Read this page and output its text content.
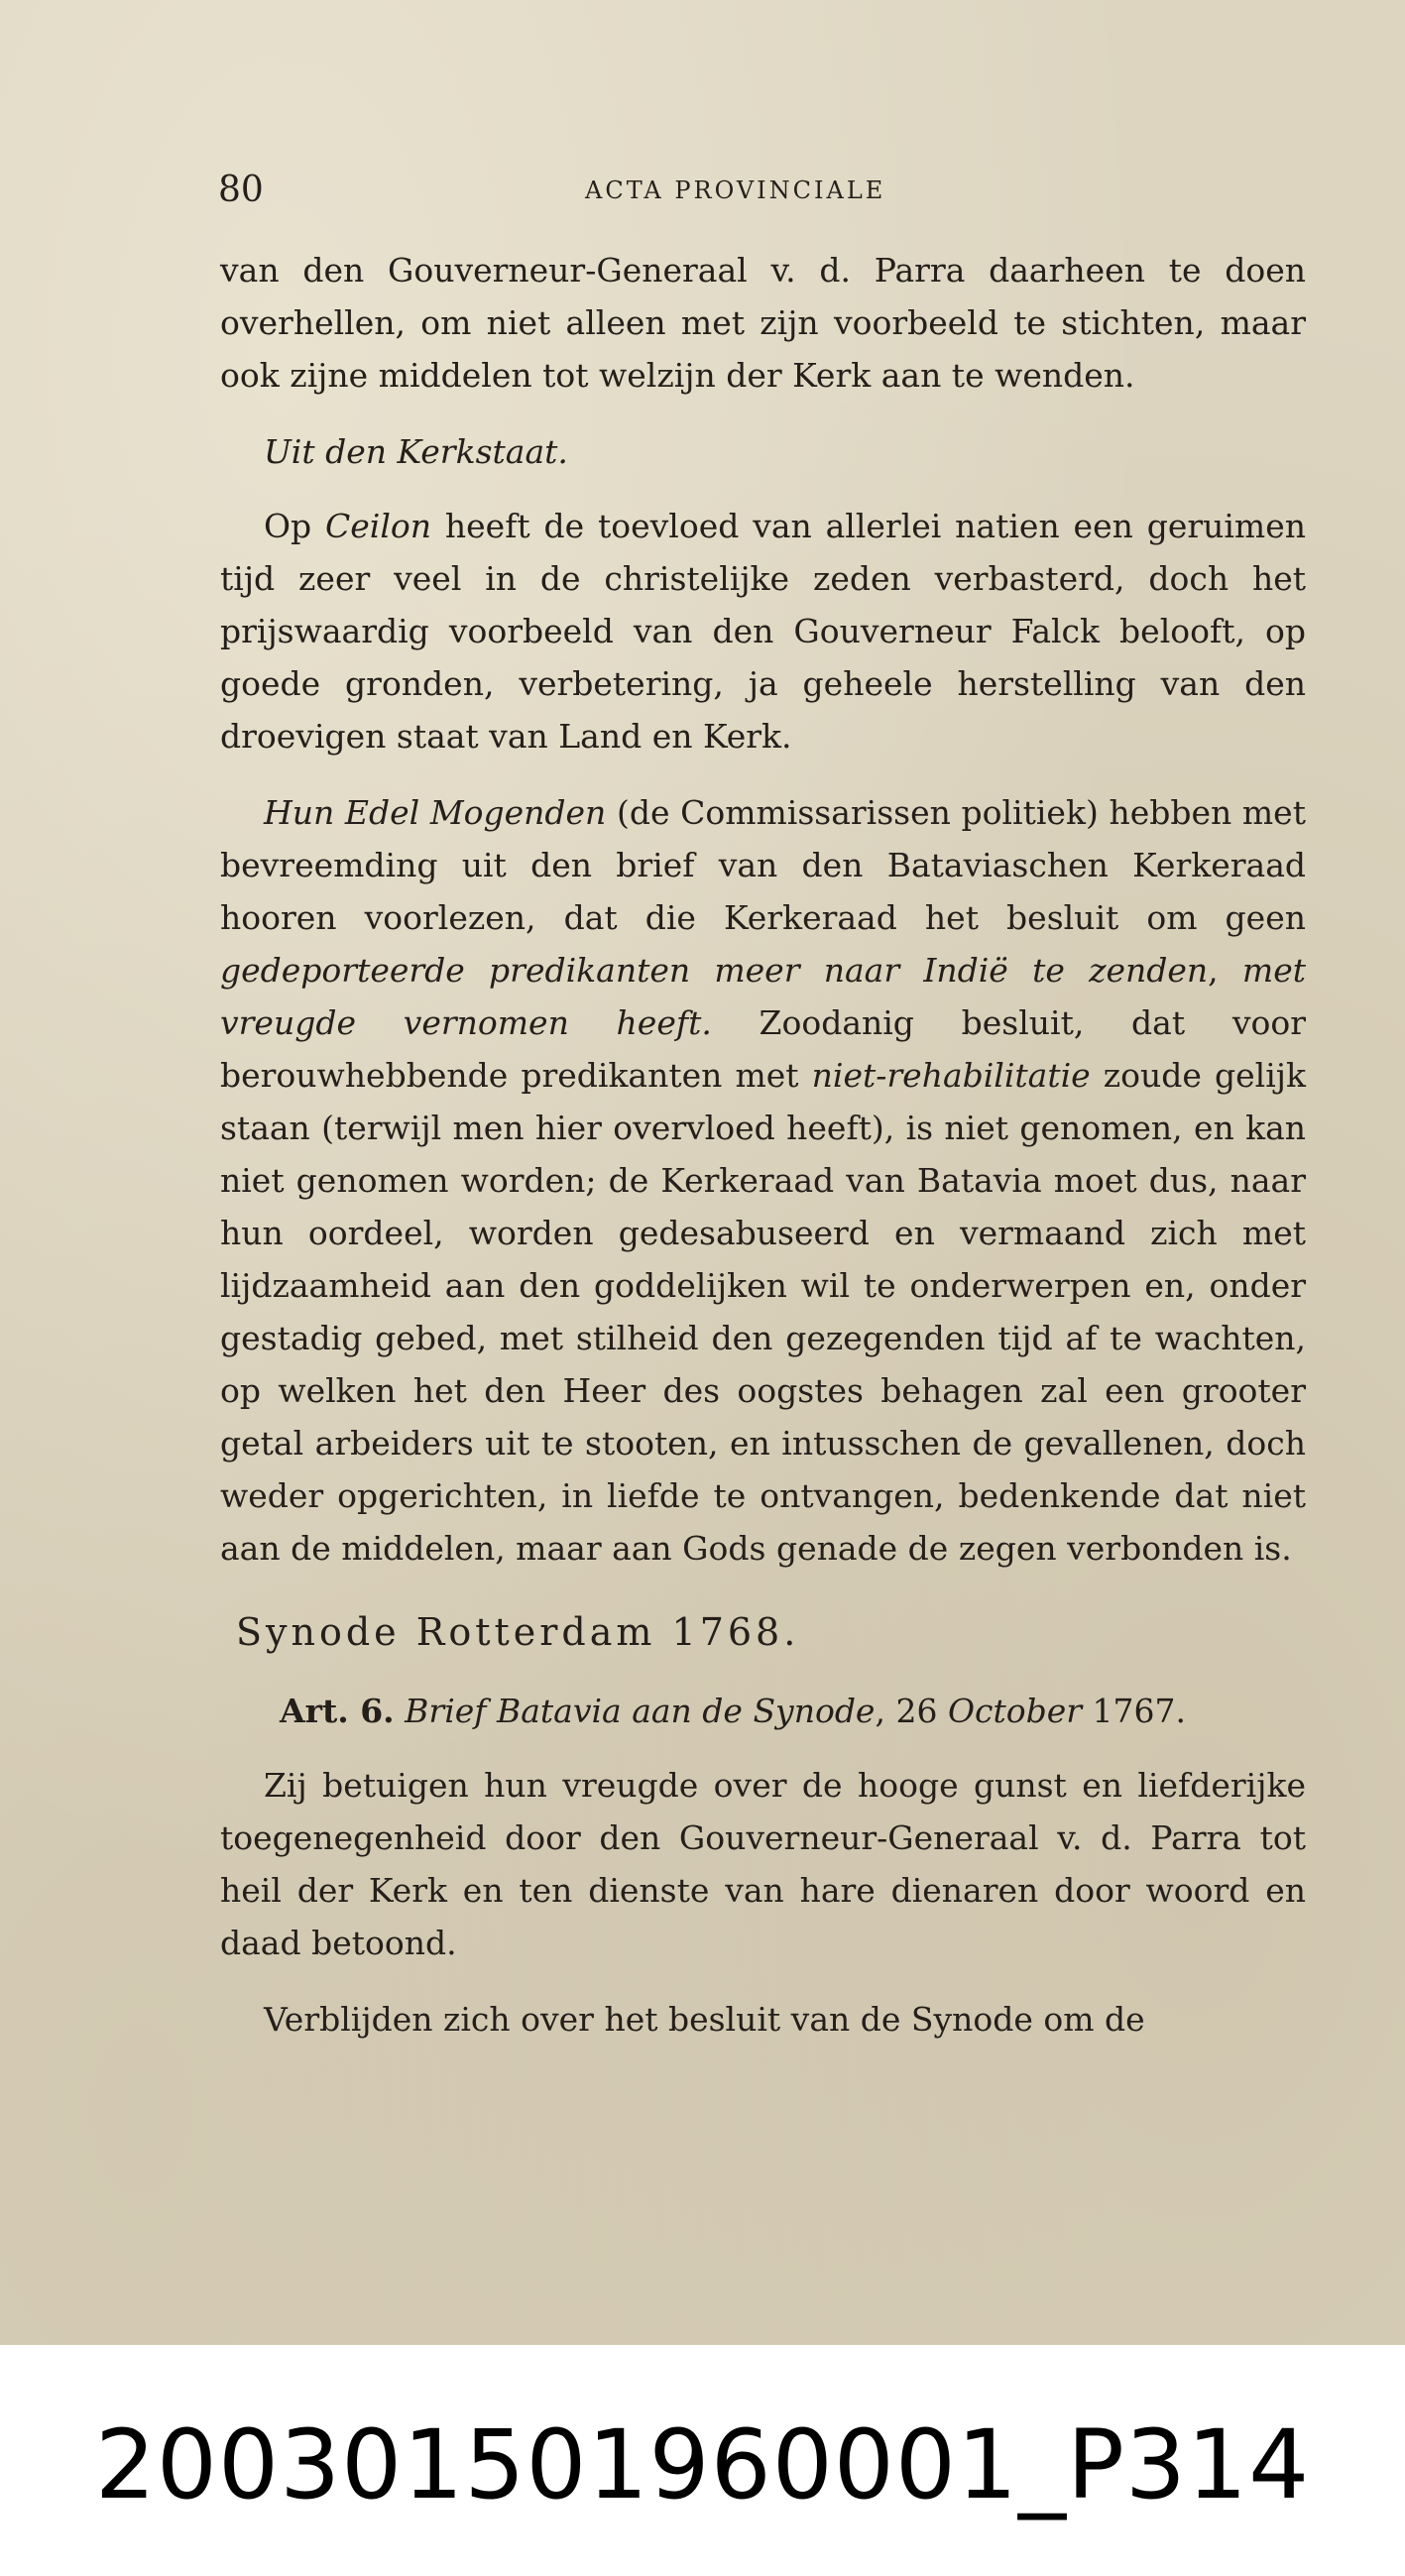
80	ACTA PROVINCIALE

van den Gouverneur-Generaal v. d. Parra daarheen te doen overhellen, om niet alleen met zijn voorbeeld te stichten, maar ook zijne middelen tot welzijn der Kerk aan te wenden.

Uit den Kerkstaat.

Op Ceilon heeft de toevloed van allerlei natien een geruimen tijd zeer veel in de christelijke zeden verbasterd, doch het prijswaardig voorbeeld van den Gouverneur Falck belooft, op goede gronden, verbetering, ja geheele herstelling van den droevigen staat van Land en Kerk.

Hun Edel Mogenden (de Commissarissen politiek) hebben met bevreemding uit den brief van den Bataviaschen Kerkeraad hooren voorlezen, dat die Kerkeraad het besluit om geen gedeporteerde predikanten meer naar Indië te zenden, met vreugde vernomen heeft. Zoodanig besluit, dat voor berouwhebbende predikanten met niet-rehabilitatie zoude gelijk staan (terwijl men hier overvloed heeft), is niet genomen, en kan niet genomen worden; de Kerkeraad van Batavia moet dus, naar hun oordeel, worden gedesabuseerd en vermaand zich met lijdzaamheid aan den goddelijken wil te onderwerpen en, onder gestadig gebed, met stilheid den gezegenden tijd af te wachten, op welken het den Heer des oogstes behagen zal een grooter getal arbeiders uit te stooten, en intusschen de gevallenen, doch weder opgerichten, in liefde te ontvangen, bedenkende dat niet aan de middelen, maar aan Gods genade de zegen verbonden is.

Synode Rotterdam 1768.
Art. 6. Brief Batavia aan de Synode, 26 October 1767.

Zij betuigen hun vreugde over de hooge gunst en liefderijke toegenegenheid door den Gouverneur-Generaal v. d. Parra tot heil der Kerk en ten dienste van hare dienaren door woord en daad betoond.

Verblijden zich over het besluit van de Synode om de

20030150196000​1_P314
